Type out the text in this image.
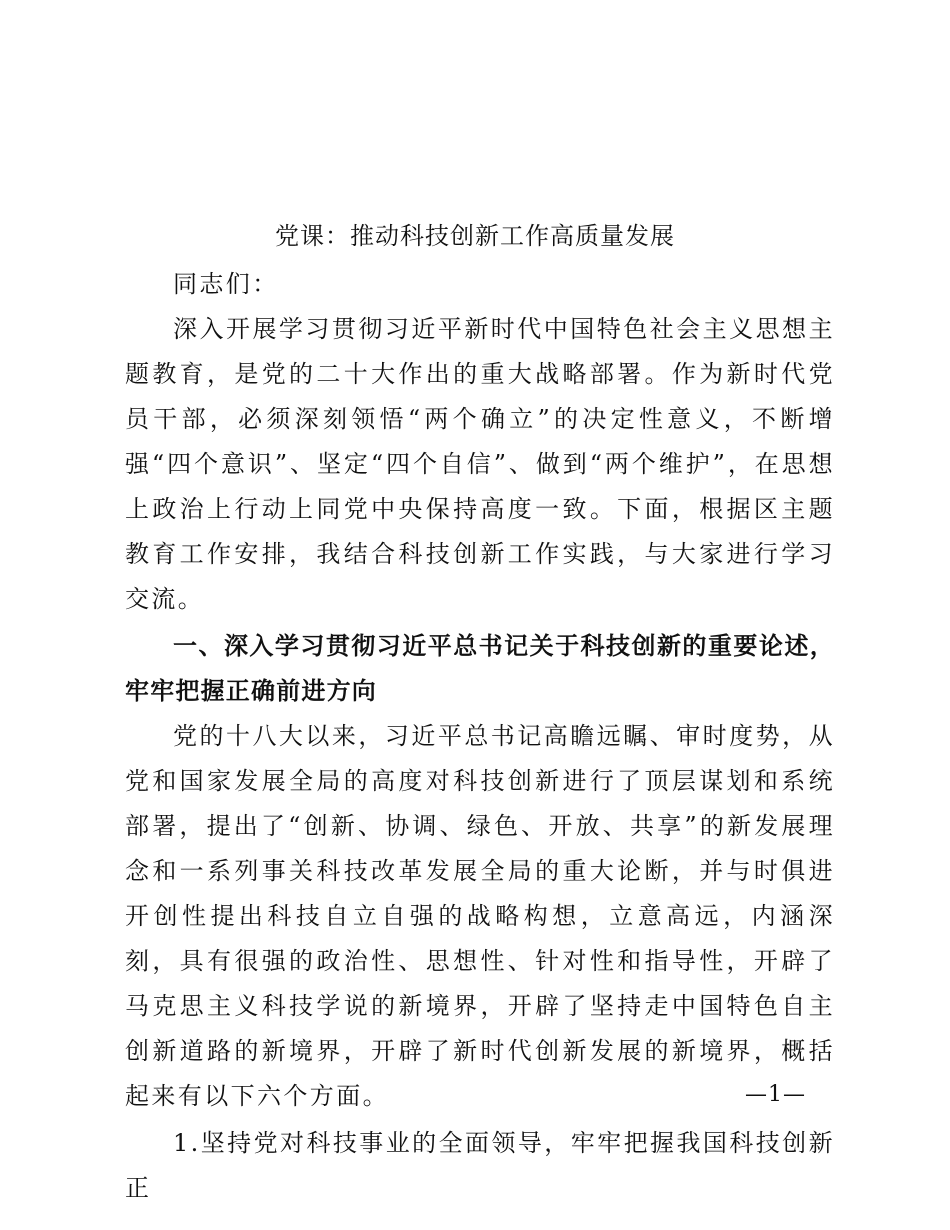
党课：推动科技创新工作高质量发展

同志们：

深入开展学习贯彻习近平新时代中国特色社会主义思想主题教育，是党的二十大作出的重大战略部署。作为新时代党员干部，必须深刻领悟“两个确立”的决定性意义，不断增强“四个意识”、坚定“四个自信”、做到“两个维护”，在思想上政治上行动上同党中央保持高度一致。下面，根据区主题教育工作安排，我结合科技创新工作实践，与大家进行学习交流。

一、深入学习贯彻习近平总书记关于科技创新的重要论述，牢牢把握正确前进方向

党的十八大以来，习近平总书记高瞻远瞩、审时度势，从党和国家发展全局的高度对科技创新进行了顶层谋划和系统部署，提出了“创新、协调、绿色、开放、共享”的新发展理念和一系列事关科技改革发展全局的重大论断，并与时俱进开创性提出科技自立自强的战略构想，立意高远，内涵深刻，具有很强的政治性、思想性、针对性和指导性，开辟了马克思主义科技学说的新境界，开辟了坚持走中国特色自主创新道路的新境界，开辟了新时代创新发展的新境界，概括起来有以下六个方面。

1.坚持党对科技事业的全面领导，牢牢把握我国科技创新正

—1—
